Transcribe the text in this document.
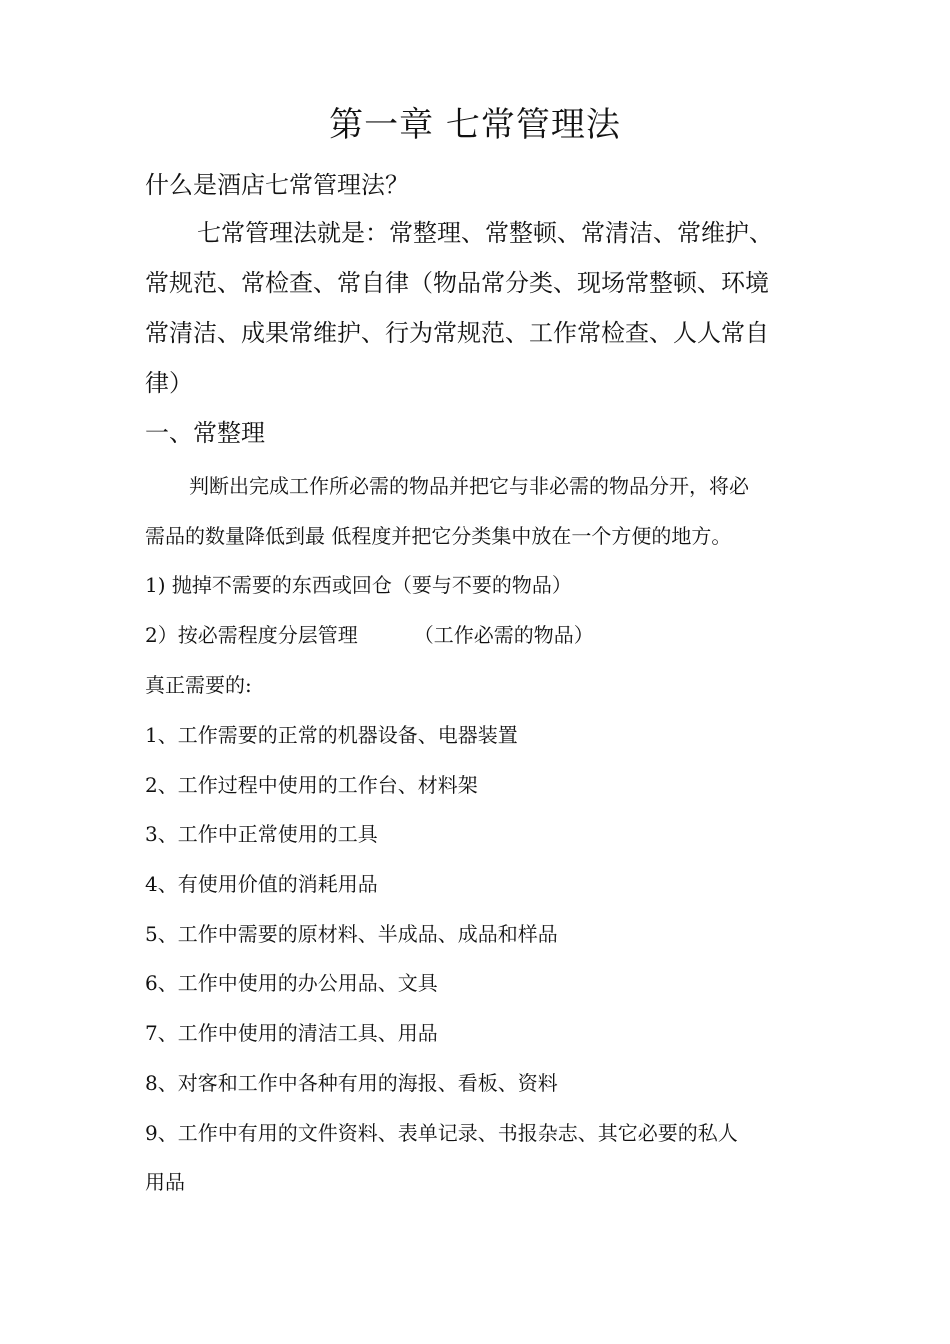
第一章 七常管理法
什么是酒店七常管理法？
七常管理法就是：常整理、常整顿、常清洁、常维护、
常规范、常检查、常自律（物品常分类、现场常整顿、环境
常清洁、成果常维护、行为常规范、工作常检查、人人常自
律）
一、常整理
判断出完成工作所必需的物品并把它与非必需的物品分开，将必
需品的数量降低到最 低程度并把它分类集中放在一个方便的地方。
1) 抛掉不需要的东西或回仓（要与不要的物品）
2）按必需程度分层管理	（工作必需的物品）
真正需要的:
1、工作需要的正常的机器设备、电器装置
2、工作过程中使用的工作台、材料架
3、工作中正常使用的工具
4、有使用价值的消耗用品
5、工作中需要的原材料、半成品、成品和样品
6、工作中使用的办公用品、文具
7、工作中使用的清洁工具、用品
8、对客和工作中各种有用的海报、看板、资料
9、工作中有用的文件资料、表单记录、书报杂志、其它必要的私人
用品
